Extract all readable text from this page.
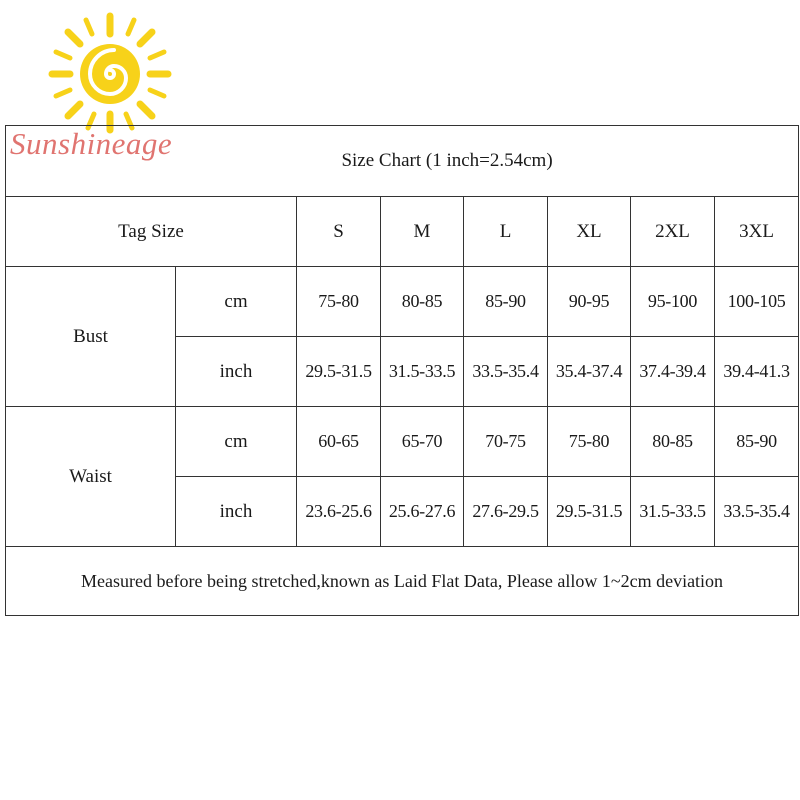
Sunshineage	Size Chart (1 inch=2.54cm)							
Tag Size		S	M	L	XL	2XL	3XL
Bust	cm	75-80	80-85	85-90	90-95	95-100	100-105
	inch	29.5-31.5	31.5-33.5	33.5-35.4	35.4-37.4	37.4-39.4	39.4-41.3
Waist	cm	60-65	65-70	70-75	75-80	80-85	85-90
	inch	23.6-25.6	25.6-27.6	27.6-29.5	29.5-31.5	31.5-33.5	33.5-35.4
Measured before being stretched,known as Laid Flat Data, Please allow 1~2cm deviation							
